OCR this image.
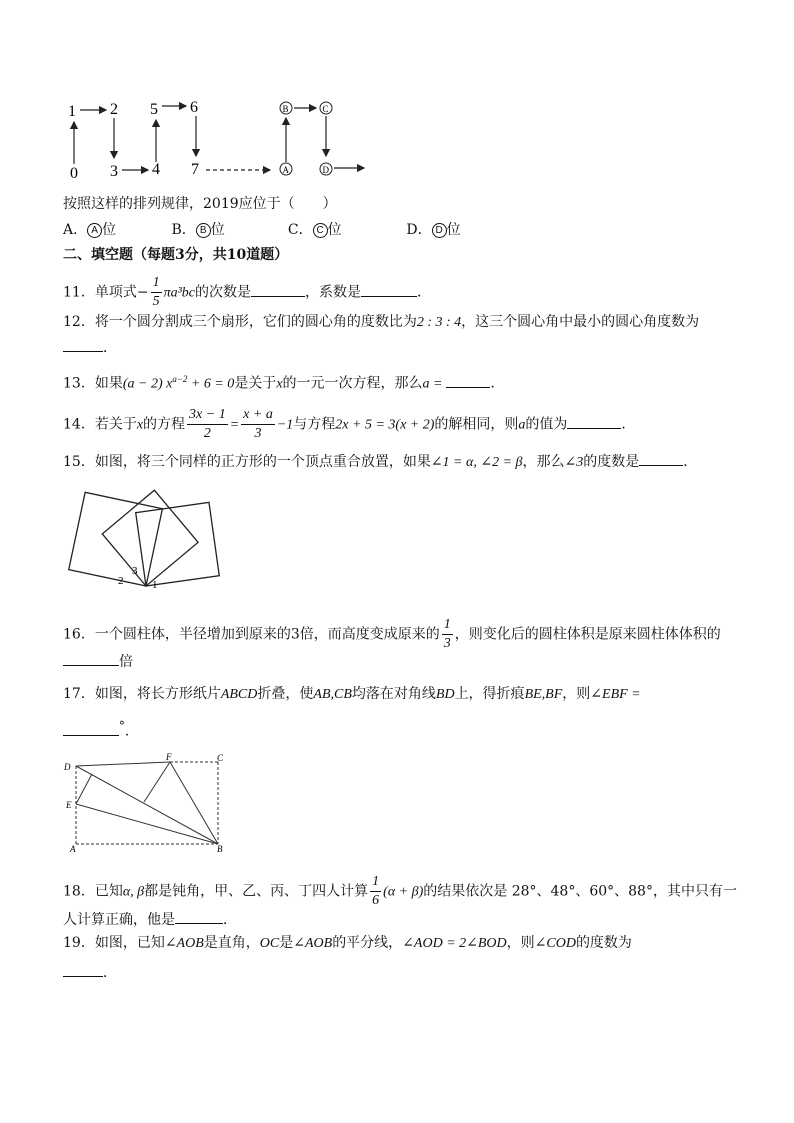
0
1 2
3 4
5 6
7
B	C
A	D
按照这样的排列规律，2019应位于（　　）
A． A 位	B． B 位	C． C 位	D． D 位
二、填空题（每题3分，共10道题）
11．单项式− $\frac{1}{5} \pi a^3bc$的次数是	，系数是	．
12．将一个圆分割成三个扇形，它们的圆心角的度数比为2 : 3 : 4，这三个圆心角中最小的圆心角度数为
．
13．如果(a − 2) $x^{a-2} + 6 = 0$是关于x的一元一次方程，那么a =	．
14．若关于x的方程 $\frac{3x - 1}{2} = \frac{x + a}{3} -1$与方程2x + 5 = 3(x + 2)的解相同，则a的值为	．
15．如图，将三个同样的正方形的一个顶点重合放置，如果∠1 = α, ∠2 = β，那么∠3的度数是	．
2
3
1
16．一个圆柱体，半径增加到原来的3倍，而高度变成原来的 $\frac{1}{3}$ ，则变化后的圆柱体积是原来圆柱体体积的
倍
17．如图，将长方形纸片ABCD折叠，使AB,CB均落在对角线BD上，得折痕BE,BF，则∠EBF =
°．
D
F	C
E
A	B
18．已知α, β都是钝角，甲、乙、丙、丁四人计算 $\frac{1}{6} (\alpha + \beta)$的结果依次是 28°、48°、60°、88°，其中只有一
人计算正确，他是	．
19．如图，已知∠AOB是直角，OC是∠AOB的平分线，∠AOD = 2∠BOD，则∠COD的度数为
．
